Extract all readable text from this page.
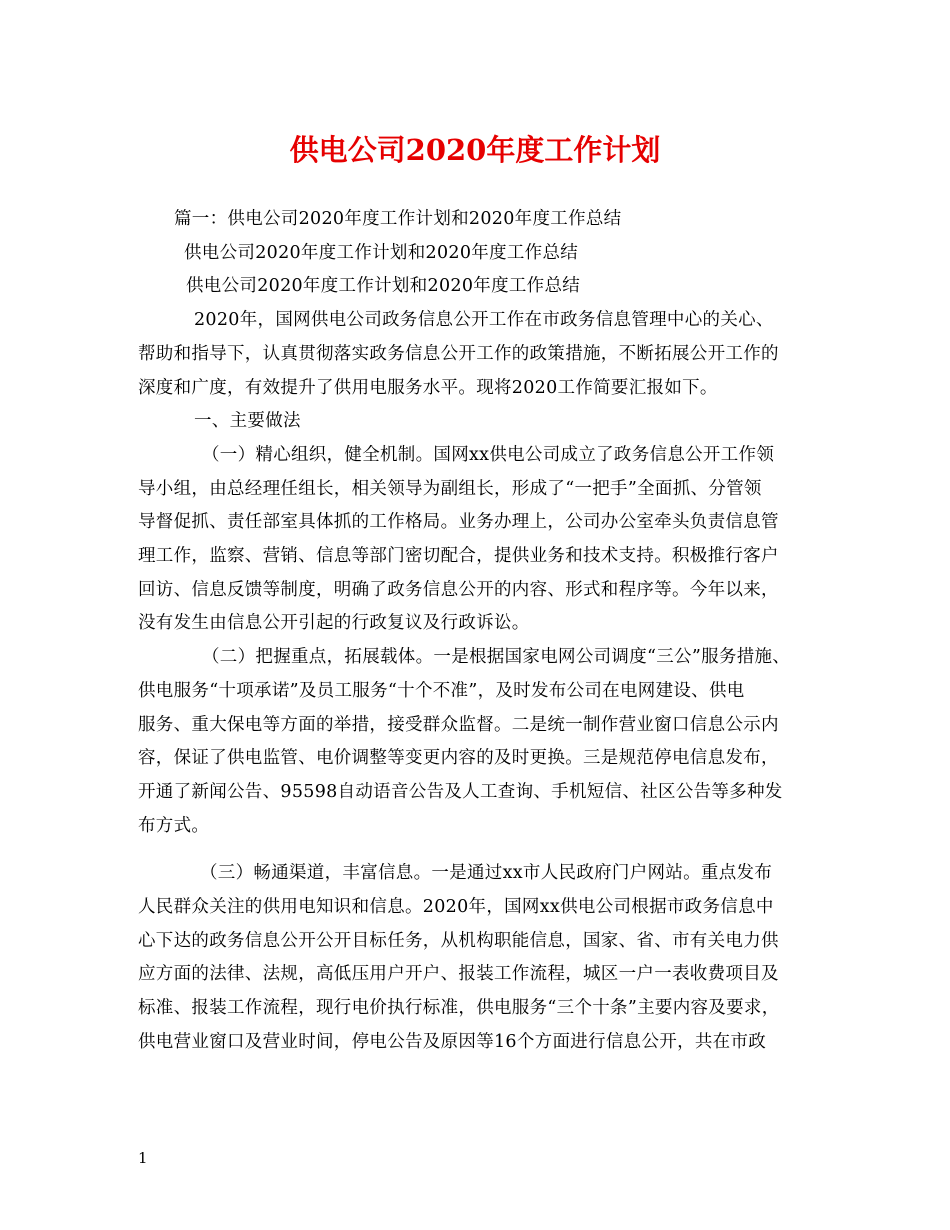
供电公司2020年度工作计划
篇一：供电公司2020年度工作计划和2020年度工作总结
供电公司2020年度工作计划和2020年度工作总结
供电公司2020年度工作计划和2020年度工作总结
2020年，国网供电公司政务信息公开工作在市政务信息管理中心的关心、
帮助和指导下，认真贯彻落实政务信息公开工作的政策措施，不断拓展公开工作的
深度和广度，有效提升了供用电服务水平。现将2020工作简要汇报如下。
一、主要做法
（一）精心组织，健全机制。国网xx供电公司成立了政务信息公开工作领
导小组，由总经理任组长，相关领导为副组长，形成了“一把手”全面抓、分管领
导督促抓、责任部室具体抓的工作格局。业务办理上，公司办公室牵头负责信息管
理工作，监察、营销、信息等部门密切配合，提供业务和技术支持。积极推行客户
回访、信息反馈等制度，明确了政务信息公开的内容、形式和程序等。今年以来，
没有发生由信息公开引起的行政复议及行政诉讼。
（二）把握重点，拓展载体。一是根据国家电网公司调度“三公”服务措施、
供电服务“十项承诺”及员工服务“十个不准”，及时发布公司在电网建设、供电
服务、重大保电等方面的举措，接受群众监督。二是统一制作营业窗口信息公示内
容，保证了供电监管、电价调整等变更内容的及时更换。三是规范停电信息发布，
开通了新闻公告、95598自动语音公告及人工查询、手机短信、社区公告等多种发
布方式。
（三）畅通渠道，丰富信息。一是通过xx市人民政府门户网站。重点发布
人民群众关注的供用电知识和信息。2020年，国网xx供电公司根据市政务信息中
心下达的政务信息公开公开目标任务，从机构职能信息，国家、省、市有关电力供
应方面的法律、法规，高低压用户开户、报装工作流程，城区一户一表收费项目及
标准、报装工作流程，现行电价执行标准，供电服务“三个十条”主要内容及要求，
供电营业窗口及营业时间，停电公告及原因等16个方面进行信息公开，共在市政
1
